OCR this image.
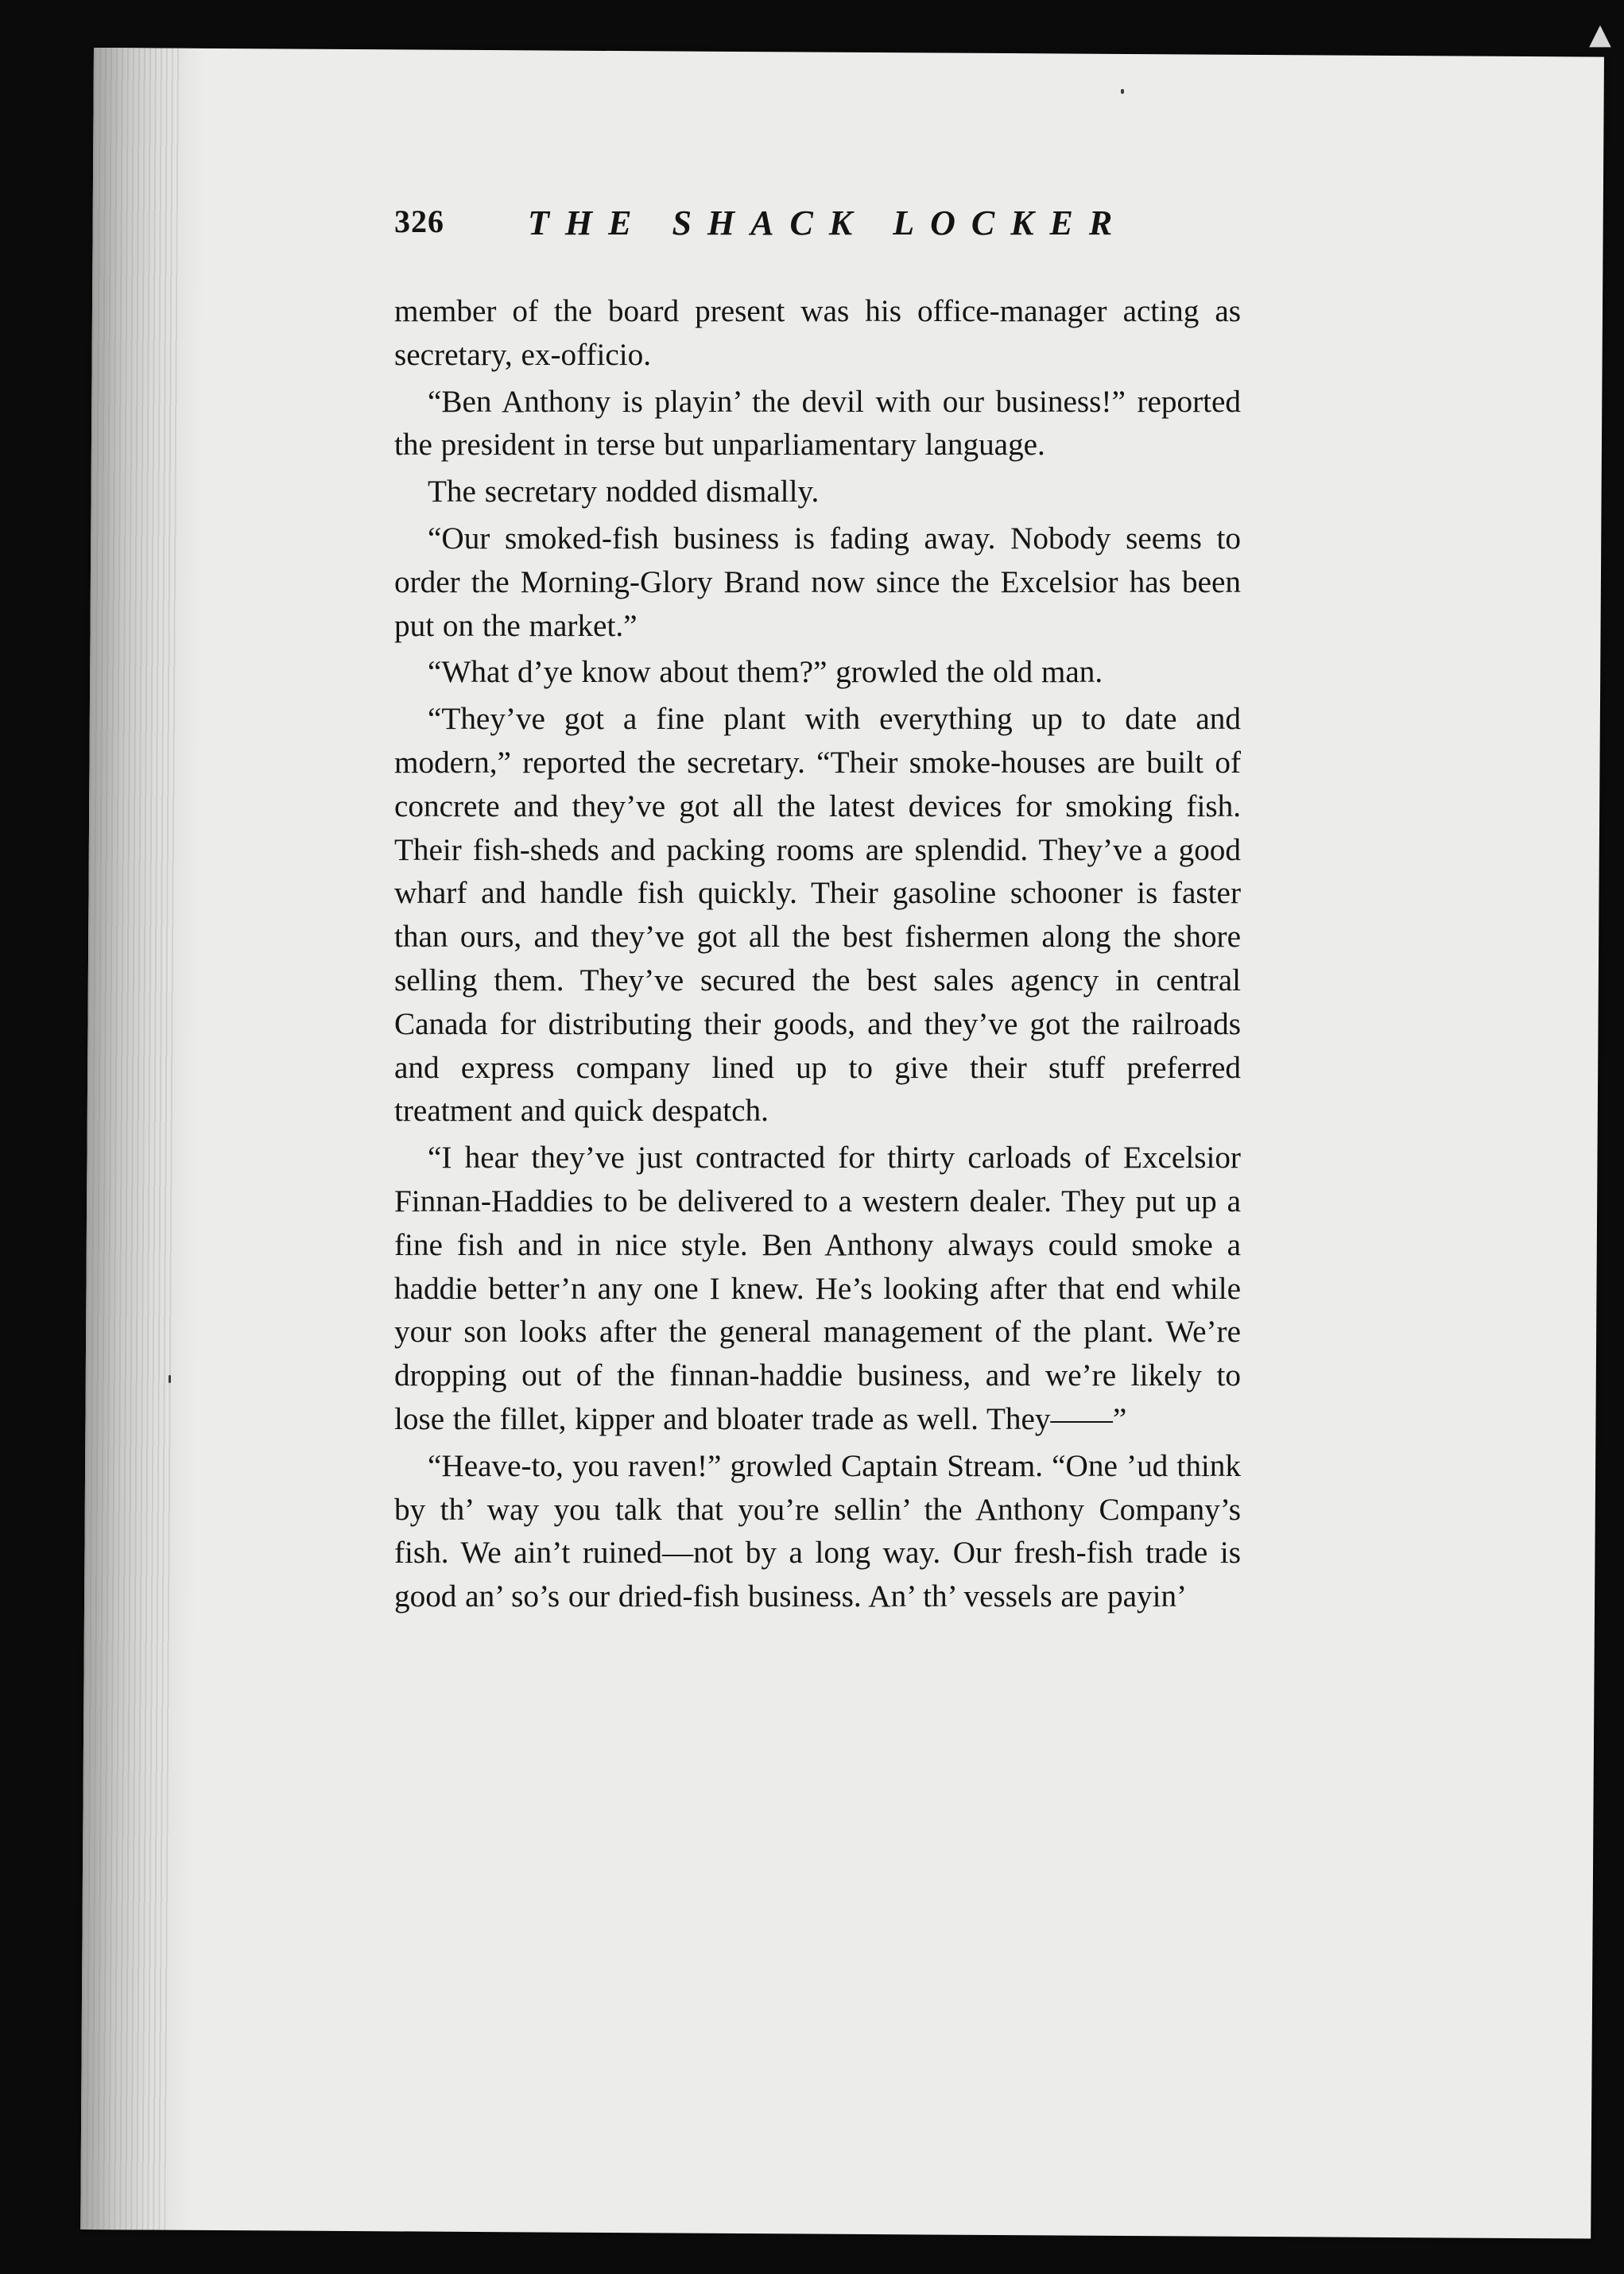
▲
326 THE SHACK LOCKER

member of the board present was his office-manager acting as secretary, ex-officio.

“Ben Anthony is playin’ the devil with our business!” reported the president in terse but unparliamentary language.

The secretary nodded dismally.

“Our smoked-fish business is fading away. Nobody seems to order the Morning-Glory Brand now since the Excelsior has been put on the market.”

“What d’ye know about them?” growled the old man.

“They’ve got a fine plant with everything up to date and modern,” reported the secretary. “Their smoke-houses are built of concrete and they’ve got all the latest devices for smoking fish. Their fish-sheds and packing rooms are splendid. They’ve a good wharf and handle fish quickly. Their gasoline schooner is faster than ours, and they’ve got all the best fishermen along the shore selling them. They’ve secured the best sales agency in central Canada for distributing their goods, and they’ve got the railroads and express company lined up to give their stuff preferred treatment and quick despatch.

“I hear they’ve just contracted for thirty carloads of Excelsior Finnan-Haddies to be delivered to a western dealer. They put up a fine fish and in nice style. Ben Anthony always could smoke a haddie better’n any one I knew. He’s looking after that end while your son looks after the general management of the plant. We’re dropping out of the finnan-haddie business, and we’re likely to lose the fillet, kipper and bloater trade as well. They——”

“Heave-to, you raven!” growled Captain Stream. “One ’ud think by th’ way you talk that you’re sellin’ the Anthony Company’s fish. We ain’t ruined—not by a long way. Our fresh-fish trade is good an’ so’s our dried-fish business. An’ th’ vessels are payin’
